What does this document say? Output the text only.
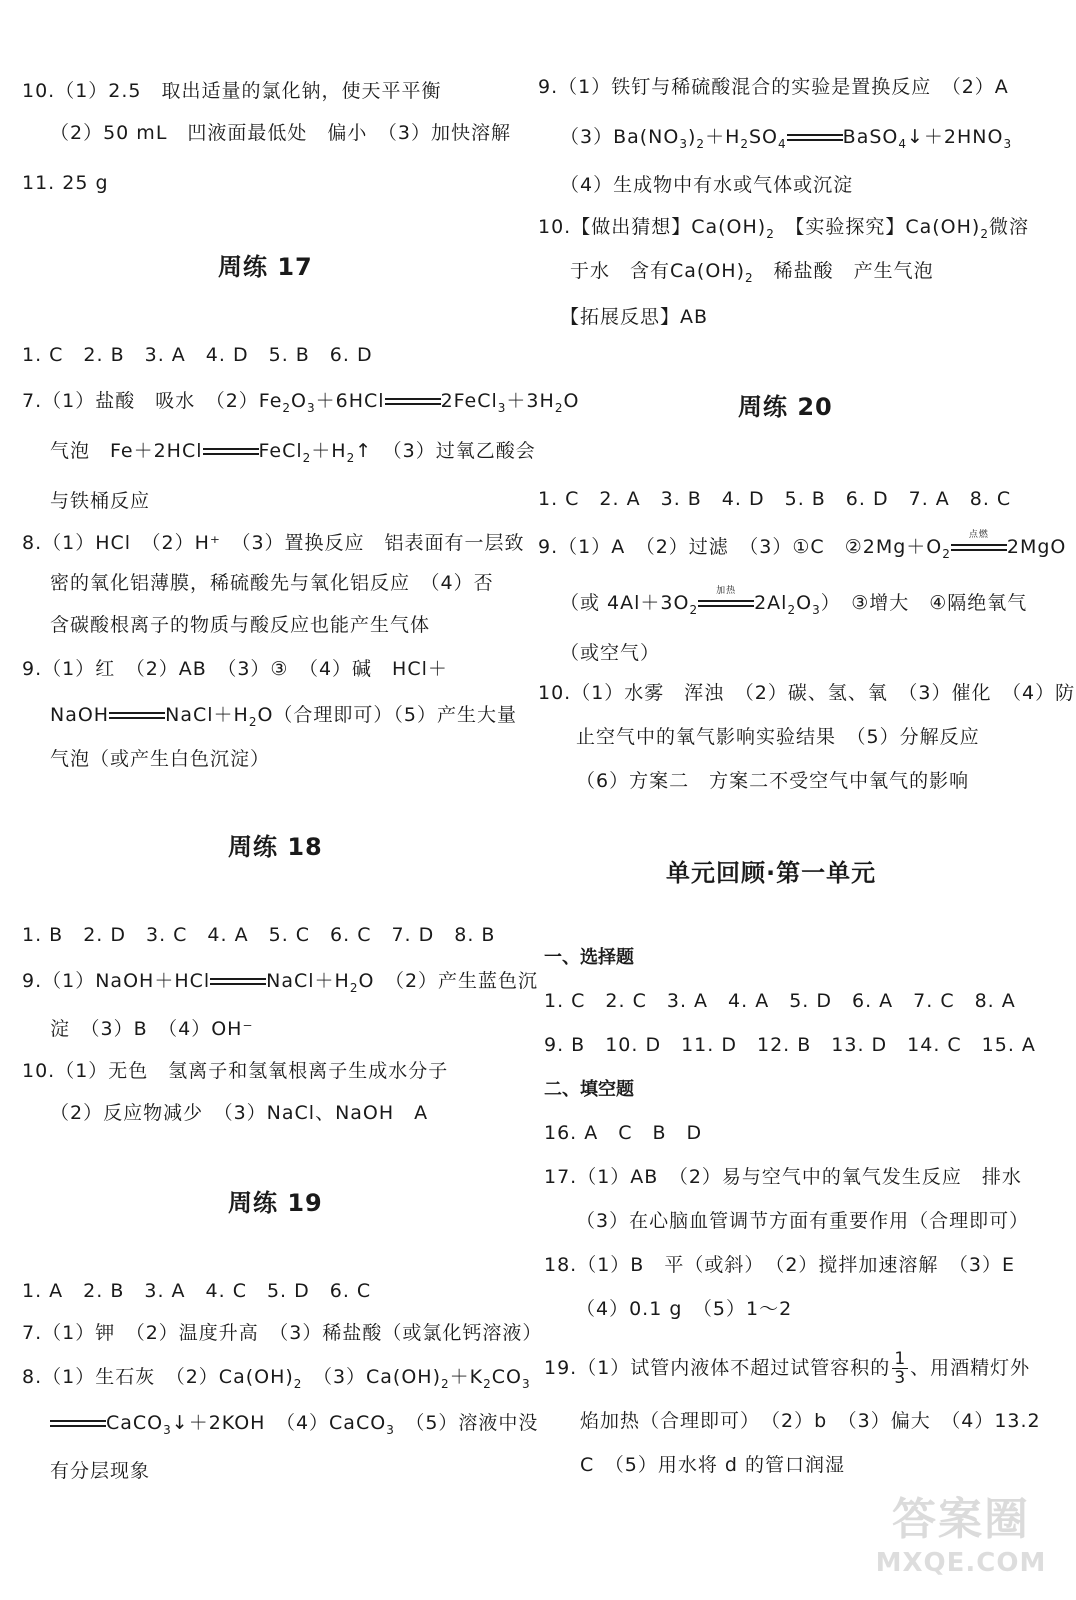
10.（1）2.5　取出适量的氯化钠，使天平平衡
（2）50 mL　凹液面最低处　偏小　（3）加快溶解
11. 25 g
周练 17
1. C　2. B　3. A　4. D　5. B　6. D
7.（1）盐酸　吸水　$(2)Fe_2O_3+6HCl$	$2FeCl_3+3H_2O$
气泡　Fe＋2HCl	$FeCl_2+H_2↑$　（3）过氧乙酸会
与铁桶反应
8.（1）HCl　（2）H⁺　（3）置换反应　铝表面有一层致
密的氧化铝薄膜，稀硫酸先与氧化铝反应　（4）否
含碳酸根离子的物质与酸反应也能产生气体
9.（1）红　（2）AB　（3）③　（4）碱　HCl＋
NaOH	$NaCl+H_2O$（合理即可）（5）产生大量
气泡（或产生白色沉淀）
周练 18
1. B　2. D　3. C　4. A　5. C　6. C　7. D　8. B
9.（1）NaOH＋HCl	$NaCl+H_2O$　（2）产生蓝色沉
淀　（3）B　（4）OH⁻
10.（1）无色　氢离子和氢氧根离子生成水分子
（2）反应物减少　（3）NaCl、NaOH　A
周练 19
1. A　2. B　3. A　4. C　5. D　6. C
7.（1）钾　（2）温度升高　（3）稀盐酸（或氯化钙溶液）
8.（1）生石灰　$(2)Ca(OH)_2$　$(3)Ca(OH)_2+K_2CO_3$
CaCO$_3$↓＋2KOH　（4）CaCO$_3$　（5）溶液中没
有分层现象
9.（1）铁钉与稀硫酸混合的实验是置换反应　（2）A
$(3)Ba(NO_3)_2+H_2SO_4$	$BaSO_4↓+2HNO_3$
（4）生成物中有水或气体或沉淀
10.【做出猜想】$Ca(OH)_2$　 【实验探究】$Ca(OH)_2$微溶
于水　含有$Ca(OH)_2$　稀盐酸　产生气泡
【拓展反思】AB
周练 20
1. C　2. A　3. B　4. D　5. B　6. D　7. A　8. C
9.（1）A　（2）过滤　（3）①C　$②2Mg+O_2$
点燃
2MgO
（或 $4Al+3O_2$
加热
$2Al_2O_3$）　③增大　④隔绝氧气
（或空气）
10.（1）水雾　浑浊　（2）碳、氢、氧　（3）催化　（4）防
止空气中的氧气影响实验结果　（5）分解反应
（6）方案二　方案二不受空气中氧气的影响
单元回顾·第一单元
一、选择题
1. C　2. C　3. A　4. A　5. D　6. A　7. C　8. A
9. B　10. D　11. D　12. B　13. D　14. C　15. A
二、填空题
16. A　C　B　D
17.（1）AB　（2）易与空气中的氧气发生反应　排水
（3）在心脑血管调节方面有重要作用（合理即可）
18.（1）B　平（或斜）　（2）搅拌加速溶解　（3）E
（4）0.1 g　（5）1～2
19.（1）试管内液体不超过试管容积的 $\frac{1}{3}$ 、用酒精灯外
焰加热（合理即可）　（2）b　（3）偏大　（4）13.2
C　（5）用水将 d 的管口润湿
答案圈
MXQE.COM
